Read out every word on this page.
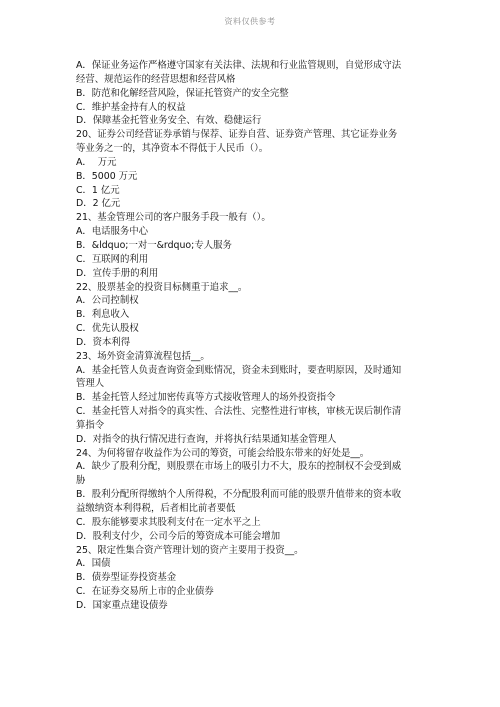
资料仅供参考
A．保证业务运作严格遵守国家有关法律、法规和行业监管规则，自觉形成守法
经营、规范运作的经营思想和经营风格
B．防范和化解经营风险，保证托管资产的安全完整
C．维护基金持有人的权益
D．保障基金托管业务安全、有效、稳健运行
20、证券公司经营证券承销与保荐、证券自营、证券资产管理、其它证券业务
等业务之一的，其净资本不得低于人民币（）。
A．  万元
B．5000 万元
C．1 亿元
D．2 亿元
21、基金管理公司的客户服务手段一般有（）。
A．电话服务中心
B．&ldquo;一对一&rdquo;专人服务
C．互联网的利用
D．宣传手册的利用
22、股票基金的投资目标侧重于追求__。
A．公司控制权
B．利息收入
C．优先认股权
D．资本利得
23、场外资金清算流程包括__。
A．基金托管人负责查询资金到账情况，资金未到账时，要查明原因，及时通知
管理人
B．基金托管人经过加密传真等方式接收管理人的场外投资指令
C．基金托管人对指令的真实性、合法性、完整性进行审核，审核无误后制作清
算指令
D．对指令的执行情况进行查询，并将执行结果通知基金管理人
24、为何将留存收益作为公司的筹资，可能会给股东带来的好处是__。
A．缺少了股利分配，则股票在市场上的吸引力不大，股东的控制权不会受到威
胁
B．股利分配所得缴纳个人所得税，不分配股利而可能的股票升值带来的资本收
益缴纳资本利得税，后者相比前者要低
C．股东能够要求其股利支付在一定水平之上
D．股利支付少，公司今后的筹资成本可能会增加
25、限定性集合资产管理计划的资产主要用于投资__。
A．国债
B．债券型证券投资基金
C．在证券交易所上市的企业债券
D．国家重点建设债券
